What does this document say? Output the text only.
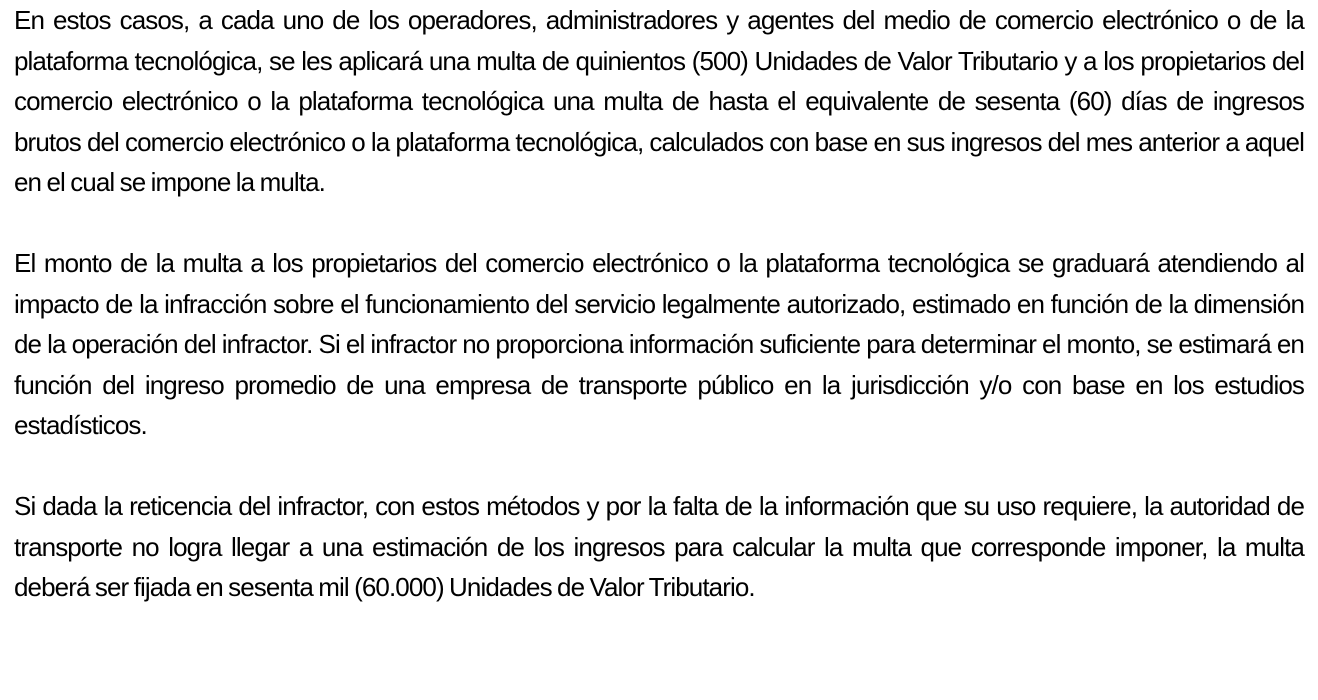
En estos casos, a cada uno de los operadores, administradores y agentes del medio de comercio electrónico o de la plataforma tecnológica, se les aplicará una multa de quinientos (500) Unidades de Valor Tributario y a los propietarios del comercio electrónico o la plataforma tecnológica una multa de hasta el equivalente de sesenta (60) días de ingresos brutos del comercio electrónico o la plataforma tecnológica, calculados con base en sus ingresos del mes anterior a aquel en el cual se impone la multa.

El monto de la multa a los propietarios del comercio electrónico o la plataforma tecnológica se graduará atendiendo al impacto de la infracción sobre el funcionamiento del servicio legalmente autorizado, estimado en función de la dimensión de la operación del infractor. Si el infractor no proporciona información suficiente para determinar el monto, se estimará en función del ingreso promedio de una empresa de transporte público en la jurisdicción y/o con base en los estudios estadísticos.

Si dada la reticencia del infractor, con estos métodos y por la falta de la información que su uso requiere, la autoridad de transporte no logra llegar a una estimación de los ingresos para calcular la multa que corresponde imponer, la multa deberá ser fijada en sesenta mil (60.000) Unidades de Valor Tributario.
